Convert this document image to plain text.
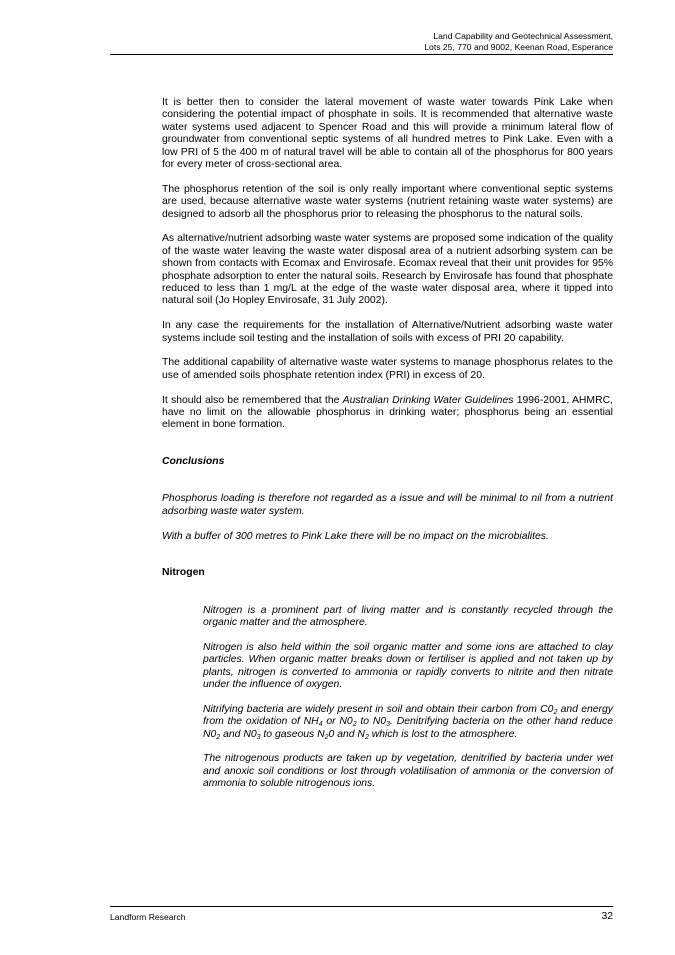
Land Capability and Geotechnical Assessment,
Lots 25, 770 and 9002, Keenan Road, Esperance

It is better then to consider the lateral movement of waste water towards Pink Lake when considering the potential impact of phosphate in soils. It is recommended that alternative waste water systems used adjacent to Spencer Road and this will provide a minimum lateral flow of groundwater from conventional septic systems of all hundred metres to Pink Lake. Even with a low PRI of 5 the 400 m of natural travel will be able to contain all of the phosphorus for 800 years for every meter of cross-sectional area.

The phosphorus retention of the soil is only really important where conventional septic systems are used, because alternative waste water systems (nutrient retaining waste water systems) are designed to adsorb all the phosphorus prior to releasing the phosphorus to the natural soils.

As alternative/nutrient adsorbing waste water systems are proposed some indication of the quality of the waste water leaving the waste water disposal area of a nutrient adsorbing system can be shown from contacts with Ecomax and Envirosafe. Ecomax reveal that their unit provides for 95% phosphate adsorption to enter the natural soils. Research by Envirosafe has found that phosphate reduced to less than 1 mg/L at the edge of the waste water disposal area, where it tipped into natural soil (Jo Hopley Envirosafe, 31 July 2002).

In any case the requirements for the installation of Alternative/Nutrient adsorbing waste water systems include soil testing and the installation of soils with excess of PRI 20 capability.

The additional capability of alternative waste water systems to manage phosphorus relates to the use of amended soils phosphate retention index (PRI) in excess of 20.

It should also be remembered that the Australian Drinking Water Guidelines 1996-2001, AHMRC, have no limit on the allowable phosphorus in drinking water; phosphorus being an essential element in bone formation.

Conclusions

Phosphorus loading is therefore not regarded as a issue and will be minimal to nil from a nutrient adsorbing waste water system.

With a buffer of 300 metres to Pink Lake there will be no impact on the microbialites.

Nitrogen

Nitrogen is a prominent part of living matter and is constantly recycled through the organic matter and the atmosphere.

Nitrogen is also held within the soil organic matter and some ions are attached to clay particles. When organic matter breaks down or fertiliser is applied and not taken up by plants, nitrogen is converted to ammonia or rapidly converts to nitrite and then nitrate under the influence of oxygen.

Nitrifying bacteria are widely present in soil and obtain their carbon from $C0_2$ and energy from the oxidation of $NH_4$ or $N0_2$ to $N0_3$. Denitrifying bacteria on the other hand reduce $N0_2$ and $N0_3$ to gaseous $N_20$ and $N_2$ which is lost to the atmosphere.

The nitrogenous products are taken up by vegetation, denitrified by bacteria under wet and anoxic soil conditions or lost through volatilisation of ammonia or the conversion of ammonia to soluble nitrogenous ions.

Landform Research	32
